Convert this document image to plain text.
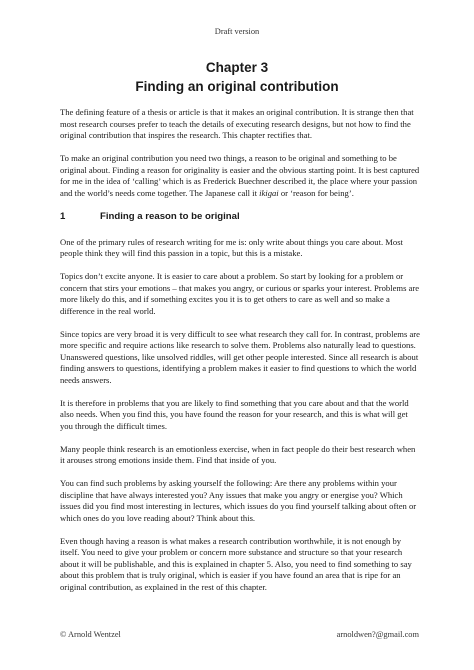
Draft version
Chapter 3
Finding an original contribution

The defining feature of a thesis or article is that it makes an original contribution. It is strange then that most research courses prefer to teach the details of executing research designs, but not how to find the original contribution that inspires the research. This chapter rectifies that.

To make an original contribution you need two things, a reason to be original and something to be original about. Finding a reason for originality is easier and the obvious starting point. It is best captured for me in the idea of ‘calling’ which is as Frederick Buechner described it, the place where your passion and the world’s needs come together. The Japanese call it ikigai or ‘reason for being’.

1	Finding a reason to be original

One of the primary rules of research writing for me is: only write about things you care about. Most people think they will find this passion in a topic, but this is a mistake.

Topics don’t excite anyone. It is easier to care about a problem. So start by looking for a problem or concern that stirs your emotions – that makes you angry, or curious or sparks your interest. Problems are more likely do this, and if something excites you it is to get others to care as well and so make a difference in the real world.

Since topics are very broad it is very difficult to see what research they call for. In contrast, problems are more specific and require actions like research to solve them. Problems also naturally lead to questions. Unanswered questions, like unsolved riddles, will get other people interested. Since all research is about finding answers to questions, identifying a problem makes it easier to find questions to which the world needs answers.

It is therefore in problems that you are likely to find something that you care about and that the world also needs. When you find this, you have found the reason for your research, and this is what will get you through the difficult times.

Many people think research is an emotionless exercise, when in fact people do their best research when it arouses strong emotions inside them. Find that inside of you.

You can find such problems by asking yourself the following: Are there any problems within your discipline that have always interested you? Any issues that make you angry or energise you? Which issues did you find most interesting in lectures, which issues do you find yourself talking about often or which ones do you love reading about? Think about this.

Even though having a reason is what makes a research contribution worthwhile, it is not enough by itself. You need to give your problem or concern more substance and structure so that your research about it will be publishable, and this is explained in chapter 5. Also, you need to find something to say about this problem that is truly original, which is easier if you have found an area that is ripe for an original contribution, as explained in the rest of this chapter.

© Arnold Wentzel	arnoldwen?@gmail.com
